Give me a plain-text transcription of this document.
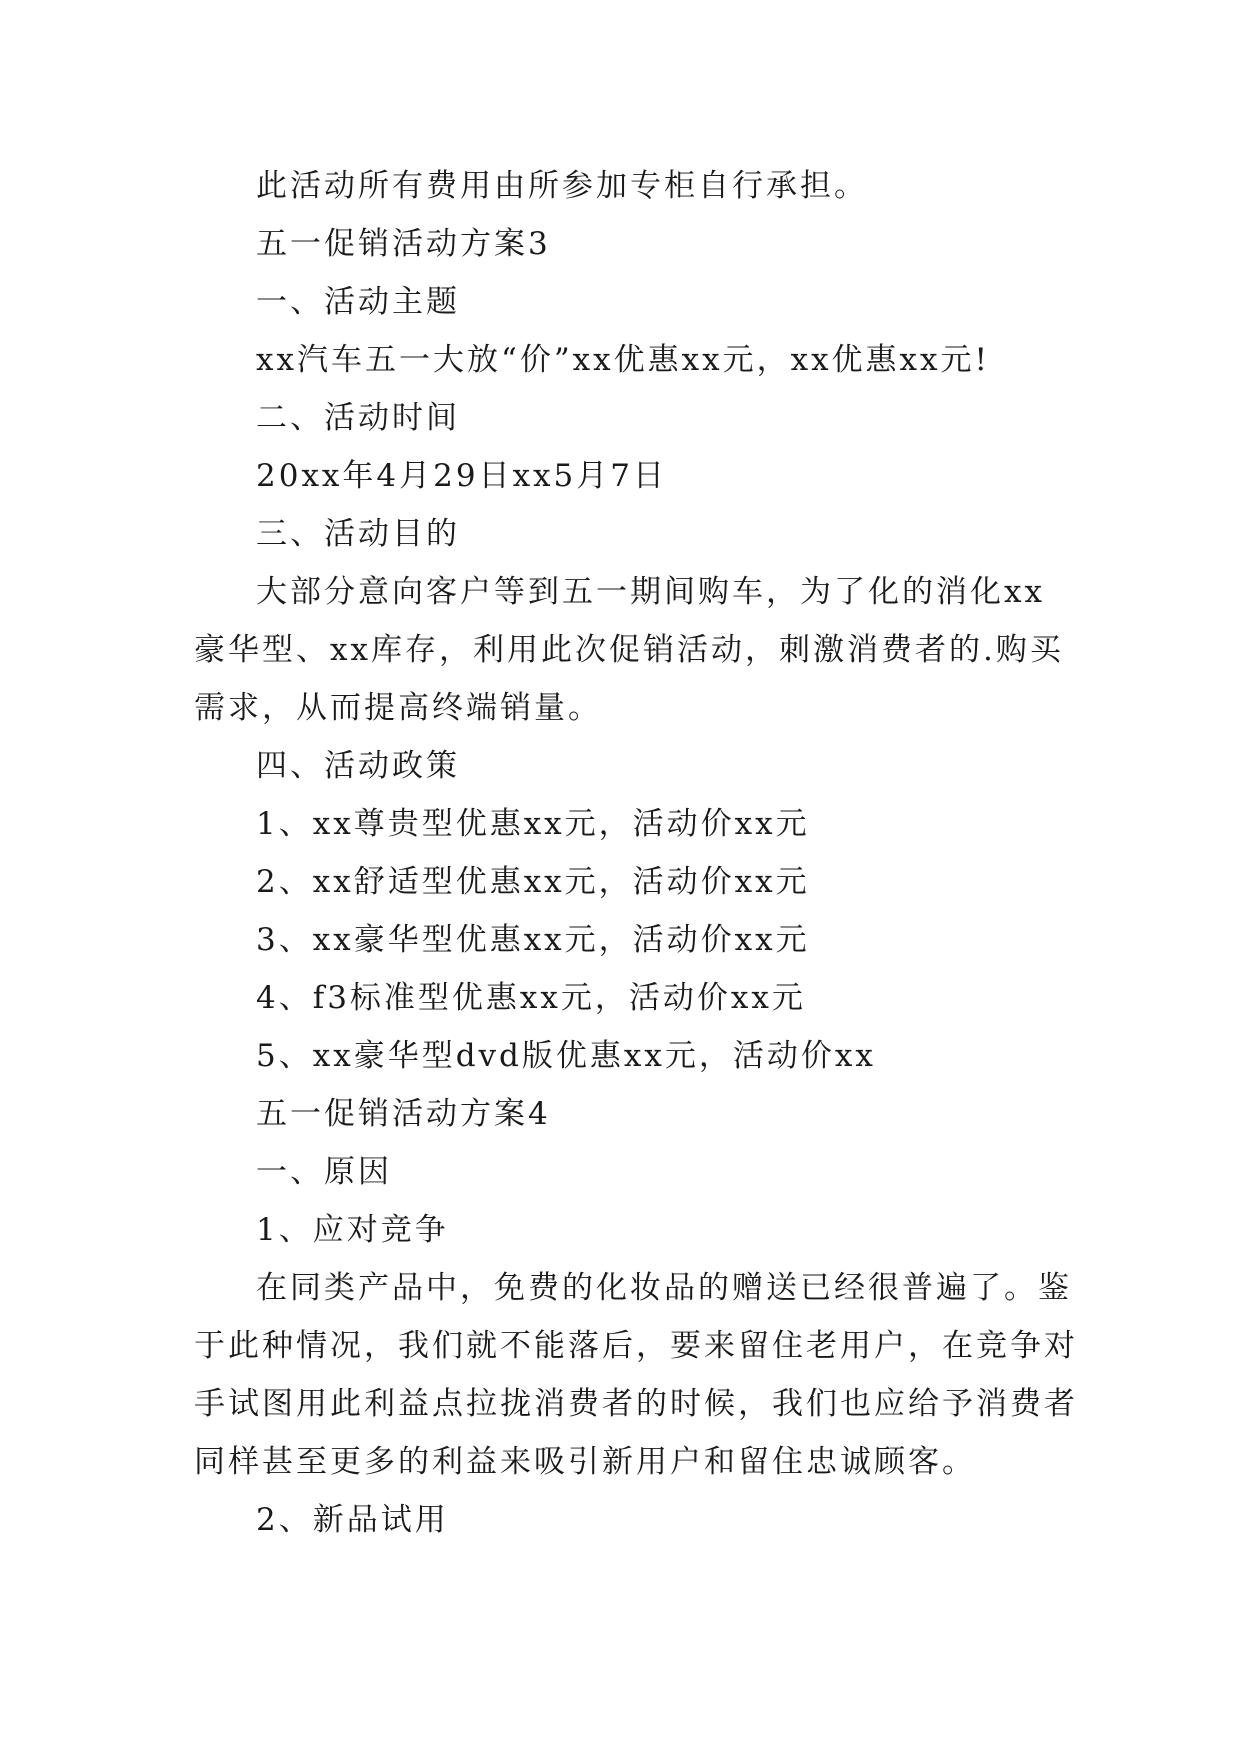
此活动所有费用由所参加专柜自行承担。
五一促销活动方案3
一、活动主题
xx汽车五一大放“价”xx优惠xx元，xx优惠xx元!
二、活动时间
20xx年4月29日xx5月7日
三、活动目的
大部分意向客户等到五一期间购车，为了化的消化xx
豪华型、xx库存，利用此次促销活动，刺激消费者的.购买
需求，从而提高终端销量。
四、活动政策
1、xx尊贵型优惠xx元，活动价xx元
2、xx舒适型优惠xx元，活动价xx元
3、xx豪华型优惠xx元，活动价xx元
4、f3标准型优惠xx元，活动价xx元
5、xx豪华型dvd版优惠xx元，活动价xx
五一促销活动方案4
一、原因
1、应对竞争
在同类产品中，免费的化妆品的赠送已经很普遍了。鉴
于此种情况，我们就不能落后，要来留住老用户，在竞争对
手试图用此利益点拉拢消费者的时候，我们也应给予消费者
同样甚至更多的利益来吸引新用户和留住忠诚顾客。
2、新品试用
